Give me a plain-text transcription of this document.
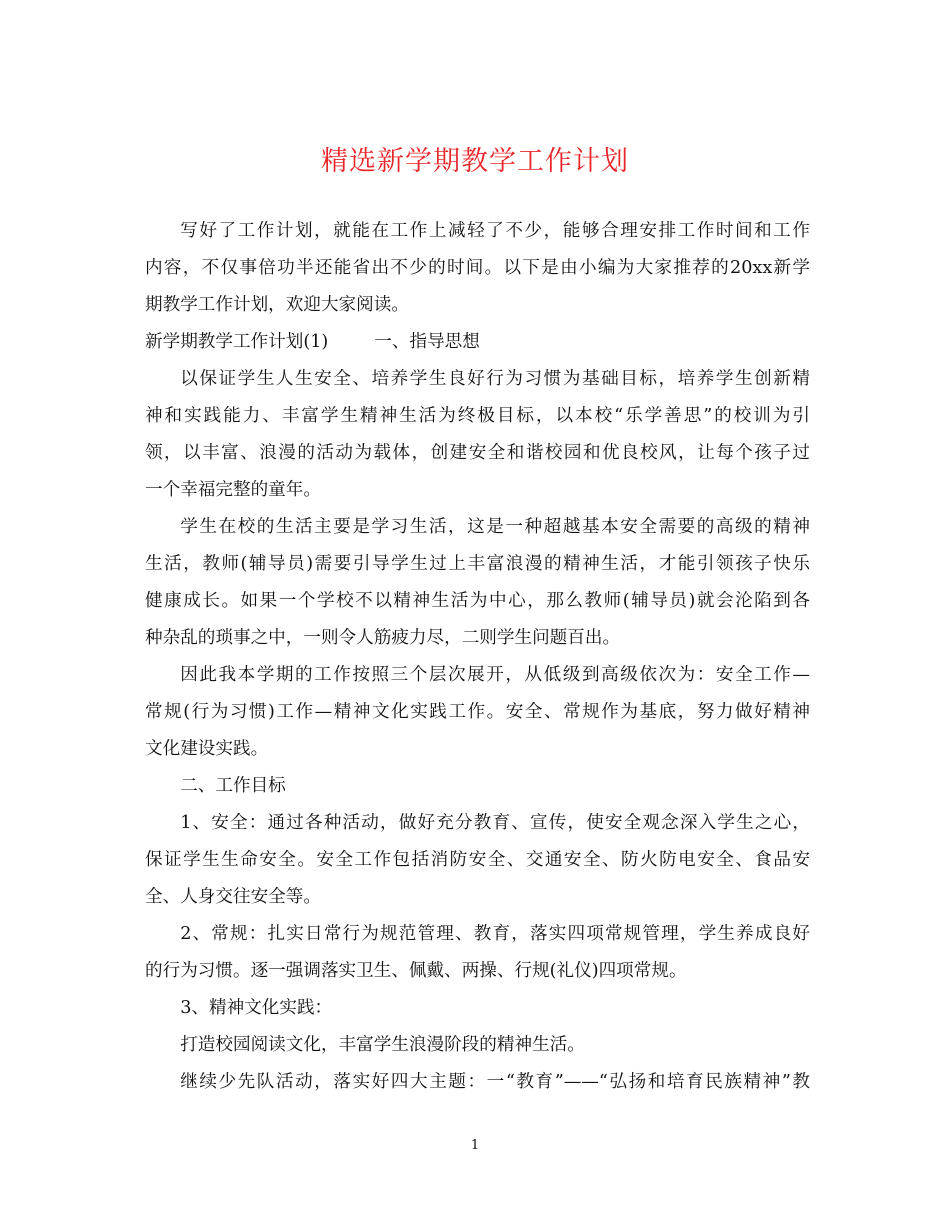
精选新学期教学工作计划
写好了工作计划，就能在工作上减轻了不少，能够合理安排工作时间和工作
内容，不仅事倍功半还能省出不少的时间。以下是由小编为大家推荐的20xx新学
期教学工作计划，欢迎大家阅读。
新学期教学工作计划(1)	一、指导思想
以保证学生人生安全、培养学生良好行为习惯为基础目标，培养学生创新精
神和实践能力、丰富学生精神生活为终极目标，以本校“乐学善思”的校训为引
领，以丰富、浪漫的活动为载体，创建安全和谐校园和优良校风，让每个孩子过
一个幸福完整的童年。
学生在校的生活主要是学习生活，这是一种超越基本安全需要的高级的精神
生活，教师(辅导员)需要引导学生过上丰富浪漫的精神生活，才能引领孩子快乐
健康成长。如果一个学校不以精神生活为中心，那么教师(辅导员)就会沦陷到各
种杂乱的琐事之中，一则令人筋疲力尽，二则学生问题百出。
因此我本学期的工作按照三个层次展开，从低级到高级依次为：安全工作—
常规(行为习惯)工作—精神文化实践工作。安全、常规作为基底，努力做好精神
文化建设实践。
二、工作目标
1、安全：通过各种活动，做好充分教育、宣传，使安全观念深入学生之心，
保证学生生命安全。安全工作包括消防安全、交通安全、防火防电安全、食品安
全、人身交往安全等。
2、常规：扎实日常行为规范管理、教育，落实四项常规管理，学生养成良好
的行为习惯。逐一强调落实卫生、佩戴、两操、行规(礼仪)四项常规。
3、精神文化实践：
打造校园阅读文化，丰富学生浪漫阶段的精神生活。
继续少先队活动，落实好四大主题：一“教育”——“弘扬和培育民族精神”教
1
